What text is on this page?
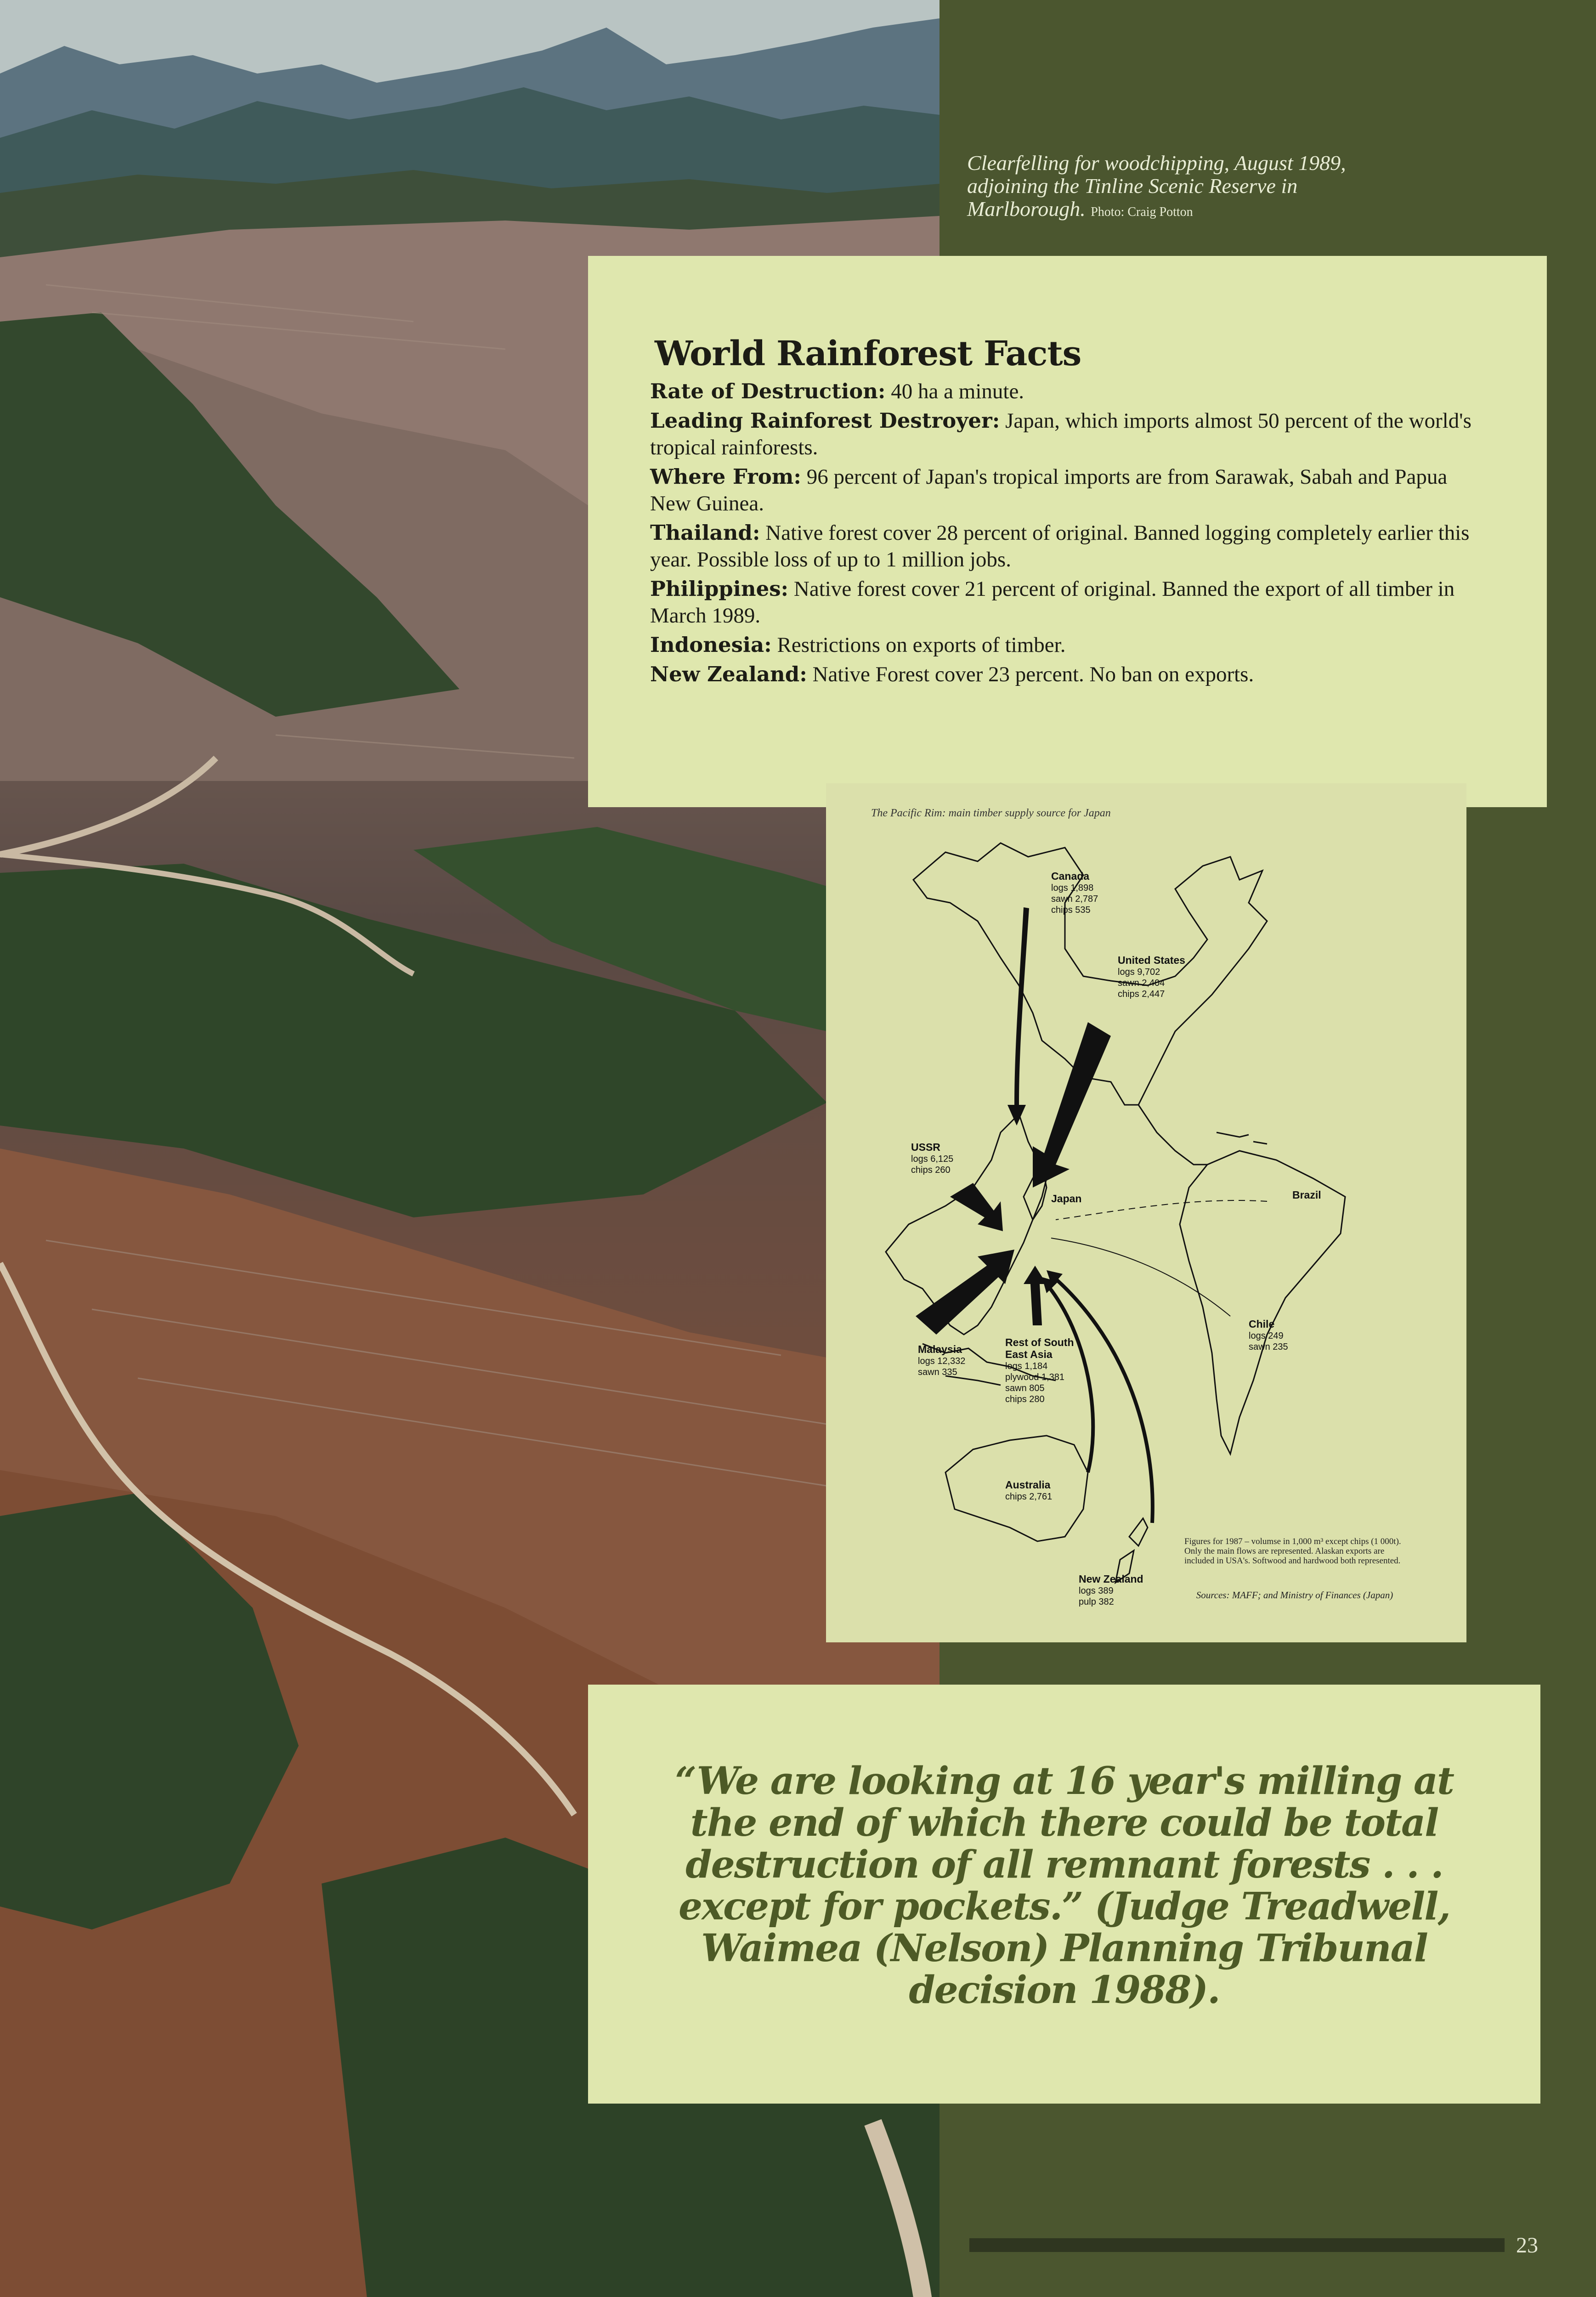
Clearfelling for woodchipping, August 1989,
adjoining the Tinline Scenic Reserve in
Marlborough. Photo: Craig Potton
World Rainforest Facts

Rate of Destruction: 40 ha a minute.

Leading Rainforest Destroyer: Japan, which imports almost 50 percent of the world's tropical rainforests.

Where From: 96 percent of Japan's tropical imports are from Sarawak, Sabah and Papua New Guinea.

Thailand: Native forest cover 28 percent of original. Banned logging completely earlier this year. Possible loss of up to 1 million jobs.

Philippines: Native forest cover 21 percent of original. Banned the export of all timber in March 1989.

Indonesia: Restrictions on exports of timber.

New Zealand: Native Forest cover 23 percent. No ban on exports.

The Pacific Rim: main timber supply source for Japan
Canada
logs 1,898
sawn 2,787
chips 535
United States
logs 9,702
sawn 2,404
chips 2,447
USSR
logs 6,125
chips 260
Japan	Brazil
Chile
logs 249
sawn 235
Malaysia
logs 12,332
sawn 335
Rest of South
East Asia
logs 1,184
plywood 1,381
sawn 805
chips 280
Australia
chips 2,761
New Zealand
logs 389
pulp 382
Figures for 1987 – volumse in 1,000 m³ except chips (1 000t). Only the main flows are represented. Alaskan exports are included in USA's. Softwood and hardwood both represented.
Sources: MAFF; and Ministry of Finances (Japan)
“We are looking at 16 year's milling at the end of which there could be total destruction of all remnant forests . . . except for pockets.” (Judge Treadwell, Waimea (Nelson) Planning Tribunal decision 1988).
23
